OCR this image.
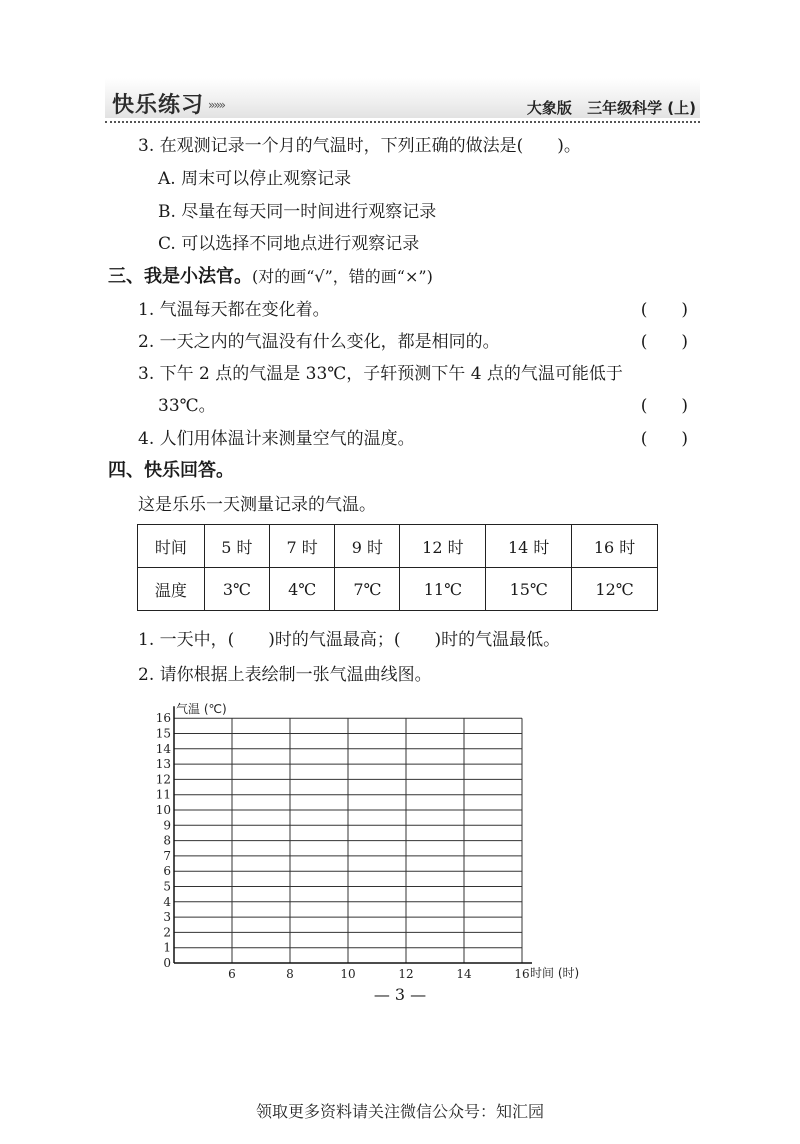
快乐练习 »»»	大象版 三年级科学 (上)
3. 在观测记录一个月的气温时，下列正确的做法是(　　)。
A. 周末可以停止观察记录
B. 尽量在每天同一时间进行观察记录
C. 可以选择不同地点进行观察记录
三、我是小法官。(对的画“√”，错的画“×”)
1. 气温每天都在变化着。	(　　)
2. 一天之内的气温没有什么变化，都是相同的。	(　　)
3. 下午 2 点的气温是 33℃，子轩预测下午 4 点的气温可能低于
33℃。	(　　)
4. 人们用体温计来测量空气的温度。	(　　)
四、快乐回答。
这是乐乐一天测量记录的气温。
时间	5 时	7 时	9 时	12 时	14 时	16 时
温度	3℃	4℃	7℃	11℃	15℃	12℃
1. 一天中，(　　)时的气温最高；(　　)时的气温最低。
2. 请你根据上表绘制一张气温曲线图。
0
1
2
3
4
5
6
7
8
9
10
11
12
13
14
15
16
6	8	10	12	14	16
气温 (℃)
时间 (时)
— 3 —
领取更多资料请关注微信公众号：知汇园
